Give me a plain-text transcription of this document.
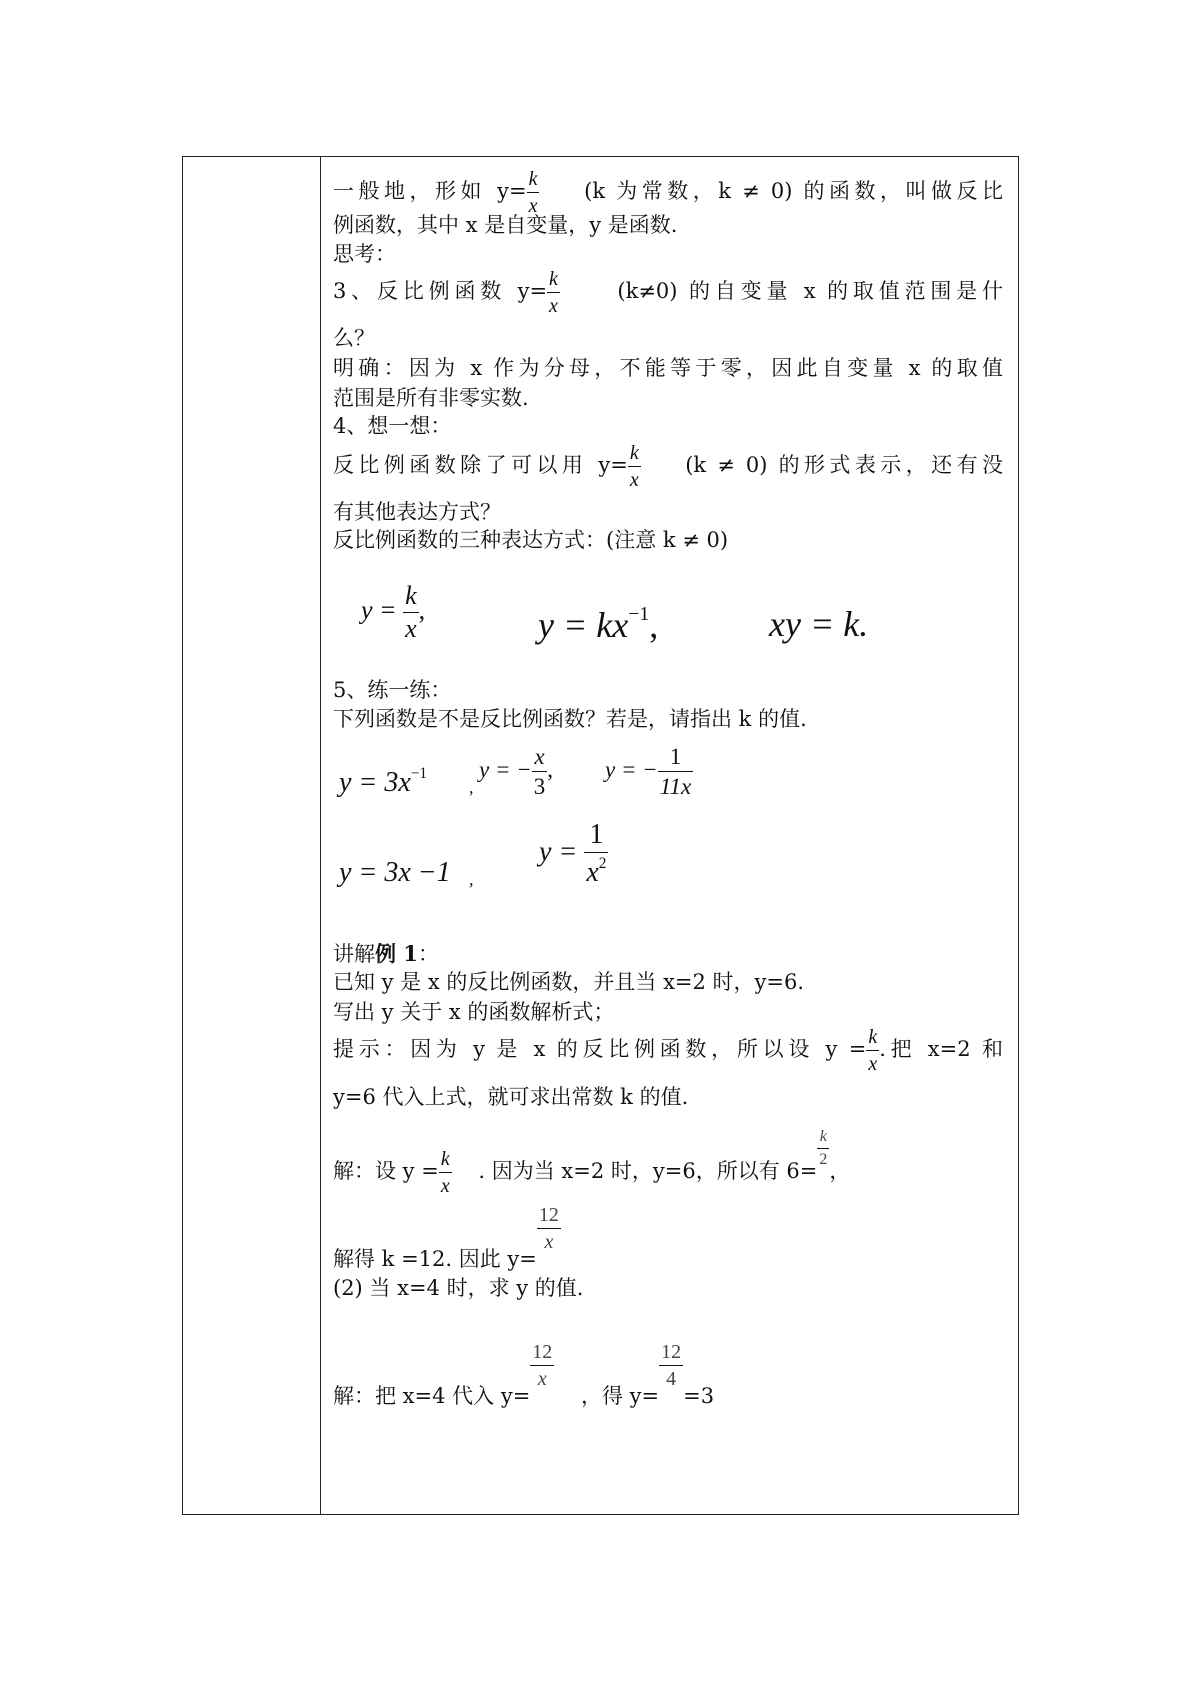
一般地，形如 $y= \frac{k}{x} (k$ 为常数，k ≠ 0) 的函数，叫做反比
例函数，其中 x 是自变量，y 是函数.
思考：
3、反比例函数 $y= \frac{k}{x}$	(k≠0) 的自变量 x 的取值范围是什
么？
明确：因为 x 作为分母，不能等于零，因此自变量 x 的取值
范围是所有非零实数.
4、想一想：
反比例函数除了可以用 $y= \frac{k}{x} (k \ne 0)$ 的形式表示，还有没
有其他表达方式？
反比例函数的三种表达方式：(注意 k ≠ 0)
$y = \frac{k}{x}$ ,	$y = kx^{-1}$,	xy = k.
5、练一练：
下列函数是不是反比例函数？若是，请指出 k 的值.
$y = 3x^{-1}$
,
y = − $\frac{x}{3}$ , y = − $\frac{1}{11x}$
y = 3x −1 ,
$y = \frac{1}{x^2}$
讲解例 1：
已知 y 是 x 的反比例函数，并且当 x=2 时，y=6.
写出 y 关于 x 的函数解析式；
提示：因为 y 是 x 的反比例函数，所以设 $y = \frac{k}{x}$ .把 x=2 和
y=6 代入上式，就可求出常数 k 的值.
解：设 $y = \frac{k}{x}$ . 因为当 x=2 时，y=6，所以有 6=
$\frac{k}{2}$
，
解得 k =12. 因此 y=
$\frac{12}{x}$
(2) 当 x=4 时，求 y 的值.
解：把 x=4 代入 y=
$\frac{12}{x}$
，得 y=
$\frac{12}{4}$
=3
